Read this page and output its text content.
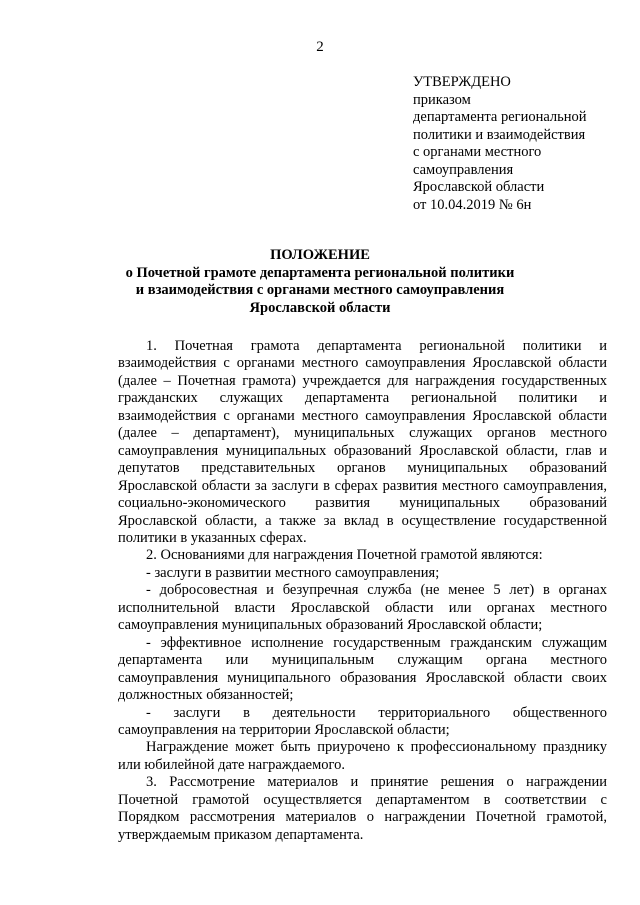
2
УТВЕРЖДЕНО
приказом
департамента региональной
политики и взаимодействия
с органами местного
самоуправления
Ярославской области
от 10.04.2019 № 6н
ПОЛОЖЕНИЕ
о Почетной грамоте департамента региональной политики
и взаимодействия с органами местного самоуправления
Ярославской области

1. Почетная грамота департамента региональной политики и взаимодействия с органами местного самоуправления Ярославской области (далее – Почетная грамота) учреждается для награждения государственных гражданских служащих департамента региональной политики и взаимодействия с органами местного самоуправления Ярославской области (далее – департамент), муниципальных служащих органов местного самоуправления муниципальных образований Ярославской области, глав и депутатов представительных органов муниципальных образований Ярославской области за заслуги в сферах развития местного самоуправления, социально-экономического развития муниципальных образований Ярославской области, а также за вклад в осуществление государственной политики в указанных сферах.

2. Основаниями для награждения Почетной грамотой являются:

- заслуги в развитии местного самоуправления;

- добросовестная и безупречная служба (не менее 5 лет) в органах исполнительной власти Ярославской области или органах местного самоуправления муниципальных образований Ярославской области;

- эффективное исполнение государственным гражданским служащим департамента или муниципальным служащим органа местного самоуправления муниципального образования Ярославской области своих должностных обязанностей;

- заслуги в деятельности территориального общественного самоуправления на территории Ярославской области;

Награждение может быть приурочено к профессиональному празднику или юбилейной дате награждаемого.

3. Рассмотрение материалов и принятие решения о награждении Почетной грамотой осуществляется департаментом в соответствии с Порядком рассмотрения материалов о награждении Почетной грамотой, утверждаемым приказом департамента.
